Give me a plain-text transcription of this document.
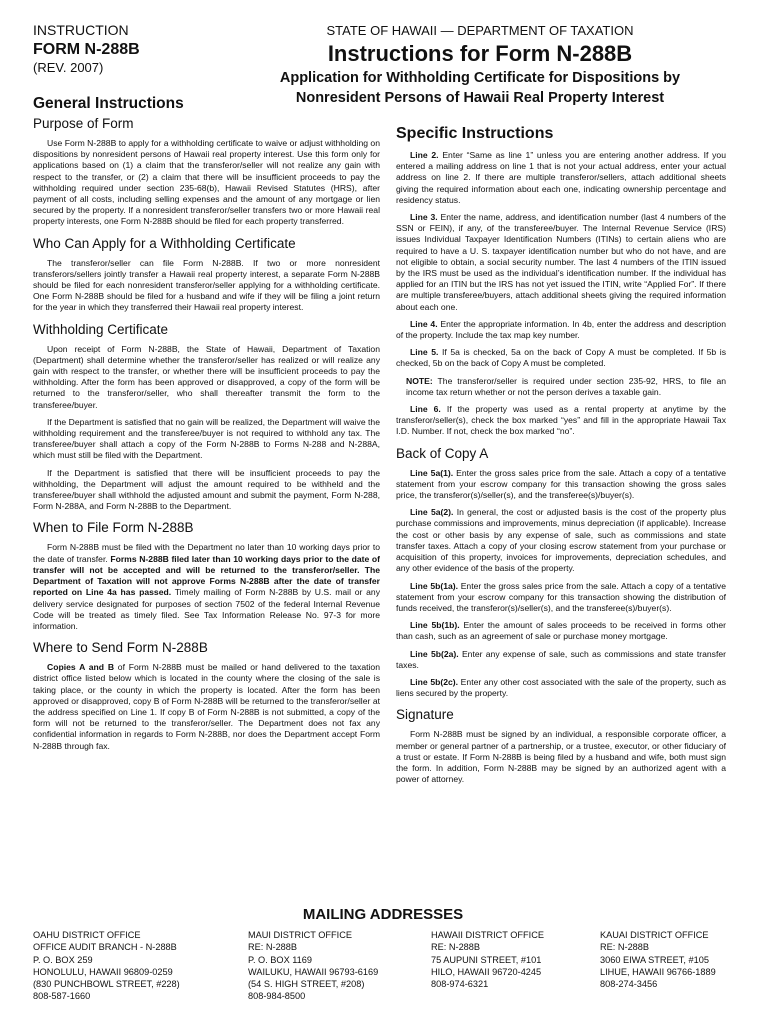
INSTRUCTION
FORM N-288B
(REV. 2007)
STATE OF HAWAII — DEPARTMENT OF TAXATION
Instructions for Form N-288B
Application for Withholding Certificate for Dispositions by
Nonresident Persons of Hawaii Real Property Interest
General Instructions
Purpose of Form

Use Form N-288B to apply for a withholding certificate to waive or adjust withholding on dispositions by nonresident persons of Hawaii real property interest. Use this form only for applications based on (1) a claim that the transferor/seller will not realize any gain with respect to the transfer, or (2) a claim that there will be insufficient proceeds to pay the withholding required under section 235-68(b), Hawaii Revised Statutes (HRS), after payment of all costs, including selling expenses and the amount of any mortgage or lien secured by the property. If a nonresident transferor/seller transfers two or more Hawaii real property interests, one Form N-288B should be filed for each property transferred.

Who Can Apply for a Withholding Certificate

The transferor/seller can file Form N-288B. If two or more nonresident transferors/sellers jointly transfer a Hawaii real property interest, a separate Form N-288B should be filed for each nonresident transferor/seller applying for a withholding certificate. One Form N-288B should be filed for a husband and wife if they will be filing a joint return for the year in which they transferred their Hawaii real property interest.

Withholding Certificate

Upon receipt of Form N-288B, the State of Hawaii, Department of Taxation (Department) shall determine whether the transferor/seller has realized or will realize any gain with respect to the transfer, or whether there will be insufficient proceeds to pay the withholding. After the form has been approved or disapproved, a copy of the form will be returned to the transferor/seller, who shall thereafter transmit the form to the transferee/buyer.

If the Department is satisfied that no gain will be realized, the Department will waive the withholding requirement and the transferee/buyer is not required to withhold any tax. The transferee/buyer shall attach a copy of the Form N-288B to Forms N-288 and N-288A, which must still be filed with the Department.

If the Department is satisfied that there will be insufficient proceeds to pay the withholding, the Department will adjust the amount required to be withheld and the transferee/buyer shall withhold the adjusted amount and submit the payment, Form N-288, Form N-288A, and Form N-288B to the Department.

When to File Form N-288B

Form N-288B must be filed with the Department no later than 10 working days prior to the date of transfer. Forms N-288B filed later than 10 working days prior to the date of transfer will not be accepted and will be returned to the transferor/seller. The Department of Taxation will not approve Forms N-288B after the date of transfer reported on Line 4a has passed. Timely mailing of Form N-288B by U.S. mail or any delivery service designated for purposes of section 7502 of the federal Internal Revenue Code will be treated as timely filed. See Tax Information Release No. 97-3 for more information.

Where to Send Form N-288B

Copies A and B of Form N-288B must be mailed or hand delivered to the taxation district office listed below which is located in the county where the closing of the sale is taking place, or the county in which the property is located. After the form has been approved or disapproved, copy B of Form N-288B will be returned to the transferor/seller at the address specified on Line 1. If copy B of Form N-288B is not submitted, a copy of the form will not be returned to the transferor/seller. The Department does not fax any confidential information in regards to Form N-288B, nor does the Department accept Form N-288B through fax.

Specific Instructions

Line 2. Enter “Same as line 1” unless you are entering another address. If you entered a mailing address on line 1 that is not your actual address, enter your actual address on line 2. If there are multiple transferor/sellers, attach additional sheets giving the required information about each one, indicating ownership percentage and residency status.

Line 3. Enter the name, address, and identification number (last 4 numbers of the SSN or FEIN), if any, of the transferee/buyer. The Internal Revenue Service (IRS) issues Individual Taxpayer Identification Numbers (ITINs) to certain aliens who are required to have a U. S. taxpayer identification number but who do not have, and are not eligible to obtain, a social security number. The last 4 numbers of the ITIN issued by the IRS must be used as the individual’s identification number. If the individual has applied for an ITIN but the IRS has not yet issued the ITIN, write “Applied For”. If there are multiple transferee/buyers, attach additional sheets giving the required information about each one.

Line 4. Enter the appropriate information. In 4b, enter the address and description of the property. Include the tax map key number.

Line 5. If 5a is checked, 5a on the back of Copy A must be completed. If 5b is checked, 5b on the back of Copy A must be completed.

NOTE: The transferor/seller is required under section 235-92, HRS, to file an income tax return whether or not the person derives a taxable gain.

Line 6. If the property was used as a rental property at anytime by the transferor/seller(s), check the box marked “yes” and fill in the appropriate Hawaii Tax I.D. Number. If not, check the box marked “no”.

Back of Copy A

Line 5a(1). Enter the gross sales price from the sale. Attach a copy of a tentative statement from your escrow company for this transaction showing the gross sales price, the transferor(s)/seller(s), and the transferee(s)/buyer(s).

Line 5a(2). In general, the cost or adjusted basis is the cost of the property plus purchase commissions and improvements, minus depreciation (if applicable). Increase the cost or other basis by any expense of sale, such as commissions and state transfer taxes. Attach a copy of your closing escrow statement from your purchase or acquisition of this property, invoices for improvements, depreciation schedules, and any other evidence of the basis of the property.

Line 5b(1a). Enter the gross sales price from the sale. Attach a copy of a tentative statement from your escrow company for this transaction showing the distribution of funds received, the transferor(s)/seller(s), and the transferee(s)/buyer(s).

Line 5b(1b). Enter the amount of sales proceeds to be received in forms other than cash, such as an agreement of sale or purchase money mortgage.

Line 5b(2a). Enter any expense of sale, such as commissions and state transfer taxes.

Line 5b(2c). Enter any other cost associated with the sale of the property, such as liens secured by the property.

Signature

Form N-288B must be signed by an individual, a responsible corporate officer, a member or general partner of a partnership, or a trustee, executor, or other fiduciary of a trust or estate. If Form N-288B is being filed by a husband and wife, both must sign the form. In addition, Form N-288B may be signed by an authorized agent with a power of attorney.

MAILING ADDRESSES
OAHU DISTRICT OFFICE
OFFICE AUDIT BRANCH - N-288B
P. O. BOX 259
HONOLULU, HAWAII 96809-0259
(830 PUNCHBOWL STREET, #228)
808-587-1660
MAUI DISTRICT OFFICE
RE: N-288B
P. O. BOX 1169
WAILUKU, HAWAII 96793-6169
(54 S. HIGH STREET, #208)
808-984-8500
HAWAII DISTRICT OFFICE
RE: N-288B
75 AUPUNI STREET, #101
HILO, HAWAII 96720-4245
808-974-6321
KAUAI DISTRICT OFFICE
RE: N-288B
3060 EIWA STREET, #105
LIHUE, HAWAII 96766-1889
808-274-3456
